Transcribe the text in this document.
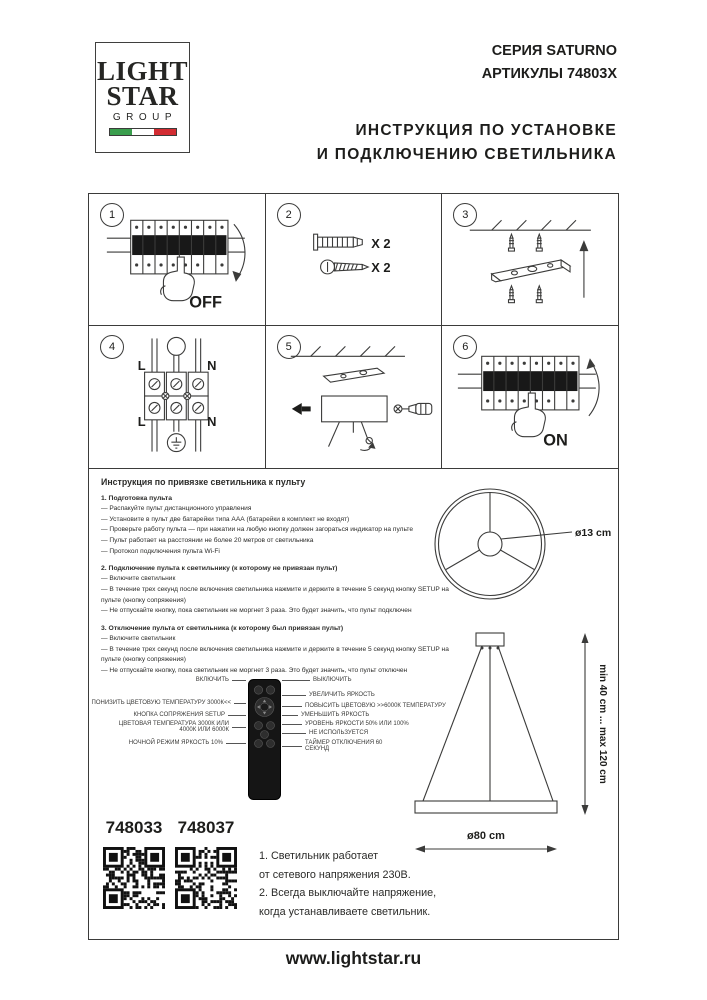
LIGHT
STAR
GROUP
СЕРИЯ SATURNO
АРТИКУЛЫ 74803X
ИНСТРУКЦИЯ ПО УСТАНОВКЕ
И ПОДКЛЮЧЕНИЮ СВЕТИЛЬНИКА
OFF
1
X 2
X 2
2	3
L	N
L	N
4	5
ON
6
Инструкция по привязке светильника к пульту
1. Подготовка пульта
— Распакуйте пульт дистанционного управления
— Установите в пульт две батарейки типа ААА (батарейки в комплект не входят)
— Проверьте работу пульта — при нажатии на любую кнопку должен загораться индикатор на пульте
— Пульт работает на расстоянии не более 20 метров от светильника
— Протокол подключения пульта Wi-Fi
2. Подключение пульта к светильнику (к которому не привязан пульт)
— Включите светильник
— В течение трех секунд после включения светильника нажмите и держите в течение 5 секунд кнопку SETUP на пульте (кнопку сопряжения)
— Не отпускайте кнопку, пока светильник не моргнет 3 раза. Это будет значить, что пульт подключен
3. Отключение пульта от светильника (к которому был привязан пульт)
— Включите светильник
— В течение трех секунд после включения светильника нажмите и держите в течение 5 секунд кнопку SETUP на пульте (кнопку сопряжения)
— Не отпускайте кнопку, пока светильник не моргнет 3 раза. Это будет значить, что пульт отключен
ø13 cm
ВКЛЮЧИТЬ
ПОНИЗИТЬ ЦВЕТОВУЮ ТЕМПЕРАТУРУ 3000К<<
КНОПКА СОПРЯЖЕНИЯ SETUP
ЦВЕТОВАЯ ТЕМПЕРАТУРА 3000К ИЛИ 4000К ИЛИ 6000К
НОЧНОЙ РЕЖИМ ЯРКОСТЬ 10%
ВЫКЛЮЧИТЬ
УВЕЛИЧИТЬ ЯРКОСТЬ
ПОВЫСИТЬ ЦВЕТОВУЮ >>6000К ТЕМПЕРАТУРУ
УМЕНЬШИТЬ ЯРКОСТЬ
УРОВЕНЬ ЯРКОСТИ 50% ИЛИ 100%
НЕ ИСПОЛЬЗУЕТСЯ
ТАЙМЕР ОТКЛЮЧЕНИЯ 60 СЕКУНД	min 40 cm ... max 120 cm
ø80 cm
748033 748037
1. Светильник работает
от сетевого напряжения 230В.
2. Всегда выключайте напряжение,
когда устанавливаете светильник.
www.lightstar.ru
